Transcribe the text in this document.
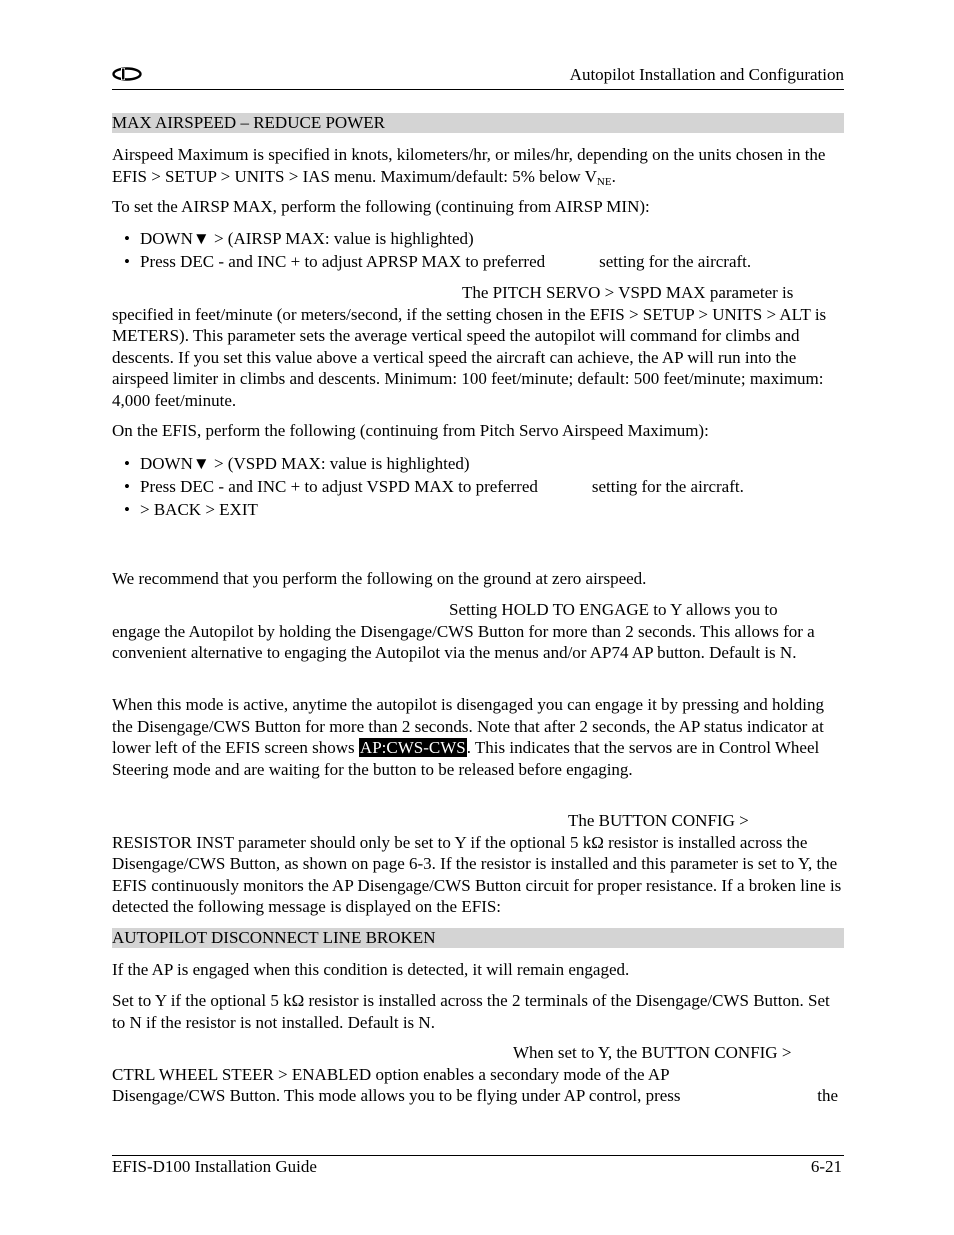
Autopilot Installation and Configuration
MAX AIRSPEED – REDUCE POWER

Airspeed Maximum is specified in knots, kilometers/hr, or miles/hr, depending on the units chosen in the EFIS > SETUP > UNITS > IAS menu. Maximum/default: 5% below $V_{NE}$.

To set the AIRSP MAX, perform the following (continuing from AIRSP MIN):

• DOWN▼ > (AIRSP MAX: value is highlighted)
• Press DEC - and INC + to adjust APRSP MAX to preferred	setting for the aircraft.

The PITCH SERVO > VSPD MAX parameter is
specified in feet/minute (or meters/second, if the setting chosen in the EFIS > SETUP > UNITS > ALT is METERS). This parameter sets the average vertical speed the autopilot will command for climbs and descents. If you set this value above a vertical speed the aircraft can achieve, the AP will run into the airspeed limiter in climbs and descents. Minimum: 100 feet/minute; default: 500 feet/minute; maximum: 4,000 feet/minute.

On the EFIS, perform the following (continuing from Pitch Servo Airspeed Maximum):

• DOWN▼ > (VSPD MAX: value is highlighted)
• Press DEC - and INC + to adjust VSPD MAX to preferred	setting for the aircraft.
• > BACK > EXIT

We recommend that you perform the following on the ground at zero airspeed.

Setting HOLD TO ENGAGE to Y allows you to
engage the Autopilot by holding the Disengage/CWS Button for more than 2 seconds. This allows for a convenient alternative to engaging the Autopilot via the menus and/or AP74 AP button. Default is N.

When this mode is active, anytime the autopilot is disengaged you can engage it by pressing and holding the Disengage/CWS Button for more than 2 seconds. Note that after 2 seconds, the AP status indicator at lower left of the EFIS screen shows AP:CWS-CWS. This indicates that the servos are in Control Wheel Steering mode and are waiting for the button to be released before engaging.

The BUTTON CONFIG >
RESISTOR INST parameter should only be set to Y if the optional 5 kΩ resistor is installed across the Disengage/CWS Button, as shown on page 6-3. If the resistor is installed and this parameter is set to Y, the EFIS continuously monitors the AP Disengage/CWS Button circuit for proper resistance. If a broken line is detected the following message is displayed on the EFIS:

AUTOPILOT DISCONNECT LINE BROKEN

If the AP is engaged when this condition is detected, it will remain engaged.

Set to Y if the optional 5 kΩ resistor is installed across the 2 terminals of the Disengage/CWS Button. Set to N if the resistor is not installed. Default is N.

When set to Y, the BUTTON CONFIG >
CTRL WHEEL STEER > ENABLED option enables a secondary mode of the AP
Disengage/CWS Button. This mode allows you to be flying under AP control, press	the

EFIS-D100 Installation Guide	6-21
